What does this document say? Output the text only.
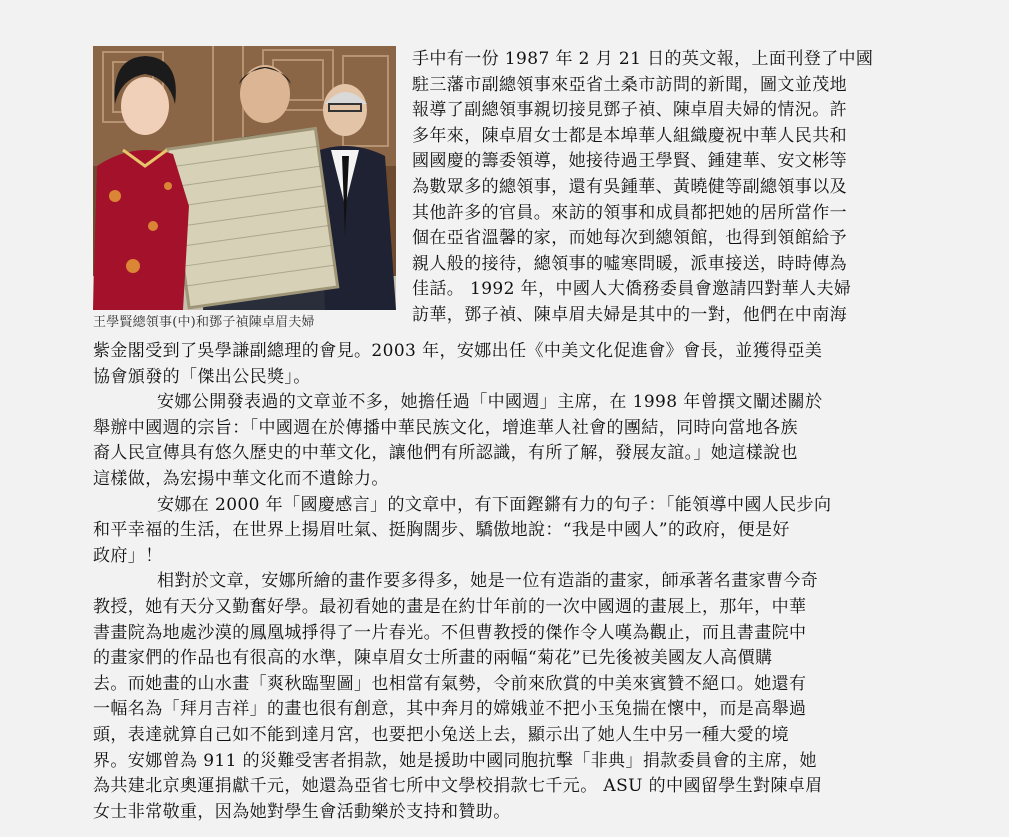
王學賢總領事(中)和鄧子禎陳卓眉夫婦
手中有一份 1987 年 2 月 21 日的英文報，上面刊登了中國
駐三藩市副總領事來亞省土桑市訪問的新聞，圖文並茂地
報導了副總領事親切接見鄧子禎、陳卓眉夫婦的情況。許
多年來，陳卓眉女士都是本埠華人組織慶祝中華人民共和
國國慶的籌委領導，她接待過王學賢、鍾建華、安文彬等
為數眾多的總領事，還有吳鍾華、黃曉健等副總領事以及
其他許多的官員。來訪的領事和成員都把她的居所當作一
個在亞省溫馨的家，而她每次到總領館，也得到領館給予
親人般的接待，總領事的噓寒問暖，派車接送，時時傳為
佳話。 1992 年，中國人大僑務委員會邀請四對華人夫婦
訪華，鄧子禎、陳卓眉夫婦是其中的一對，他們在中南海
紫金閣受到了吳學謙副總理的會見。2003 年，安娜出任《中美文化促進會》會長，並獲得亞美
協會頒發的「傑出公民獎」。
安娜公開發表過的文章並不多，她擔任過「中國週」主席，在 1998 年曾撰文闡述關於
舉辦中國週的宗旨：「中國週在於傳播中華民族文化，增進華人社會的團結，同時向當地各族
裔人民宣傳具有悠久歷史的中華文化，讓他們有所認識，有所了解，發展友誼。」她這樣說也
這樣做，為宏揚中華文化而不遺餘力。
安娜在 2000 年「國慶感言」的文章中，有下面鏗鏘有力的句子：「能領導中國人民步向
和平幸福的生活，在世界上揚眉吐氣、挺胸闊步、驕傲地說：“我是中國人”的政府，便是好
政府」！
相對於文章，安娜所繪的畫作要多得多，她是一位有造詣的畫家，師承著名畫家曹今奇
教授，她有天分又勤奮好學。最初看她的畫是在約廿年前的一次中國週的畫展上，那年，中華
書畫院為地處沙漠的鳳凰城掙得了一片春光。不但曹教授的傑作令人嘆為觀止，而且書畫院中
的畫家們的作品也有很高的水準，陳卓眉女士所畫的兩幅“菊花”已先後被美國友人高價購
去。而她畫的山水畫「爽秋臨聖圖」也相當有氣勢，令前來欣賞的中美來賓贊不絕口。她還有
一幅名為「拜月吉祥」的畫也很有創意，其中奔月的嫦娥並不把小玉兔揣在懷中，而是高舉過
頭，表達就算自己如不能到達月宮，也要把小兔送上去，顯示出了她人生中另一種大愛的境
界。安娜曾為 911 的災難受害者捐款，她是援助中國同胞抗擊「非典」捐款委員會的主席，她
為共建北京奧運捐獻千元，她還為亞省七所中文學校捐款七千元。 ASU 的中國留學生對陳卓眉
女士非常敬重，因為她對學生會活動樂於支持和贊助。
